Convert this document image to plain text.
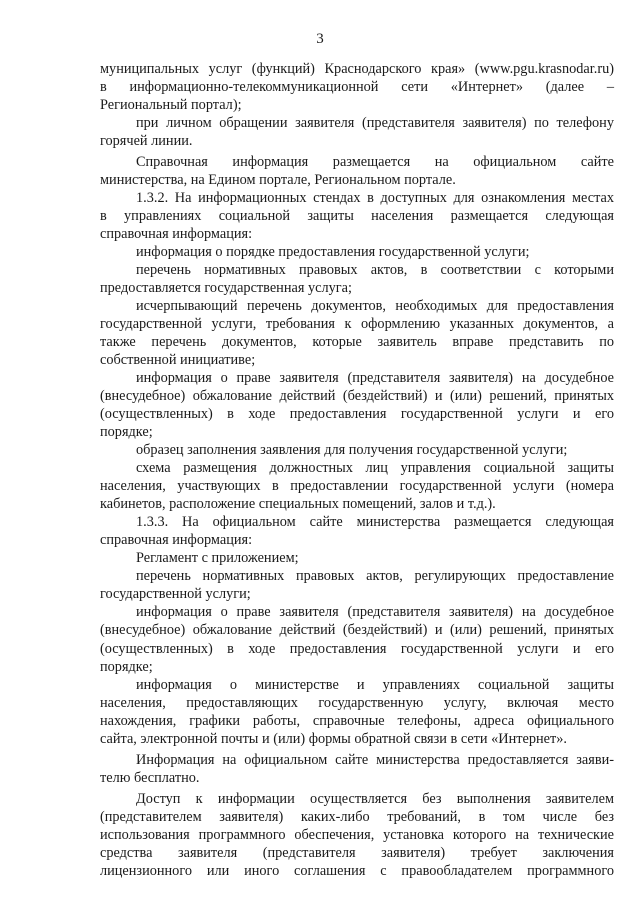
3
муниципальных услуг (функций) Краснодарского края» (www.pgu.krasnodar.ru)
в информационно-телекоммуникационной сети «Интернет» (далее –
Региональный портал);
при личном обращении заявителя (представителя заявителя) по телефону
горячей линии.
Справочная информация размещается на официальном сайте
министерства, на Едином портале, Региональном портале.
1.3.2. На информационных стендах в доступных для ознакомления местах
в управлениях социальной защиты населения размещается следующая
справочная информация:
информация о порядке предоставления государственной услуги;
перечень нормативных правовых актов, в соответствии с которыми
предоставляется государственная услуга;
исчерпывающий перечень документов, необходимых для предоставления
государственной услуги, требования к оформлению указанных документов, а
также перечень документов, которые заявитель вправе представить по
собственной инициативе;
информация о праве заявителя (представителя заявителя) на досудебное
(внесудебное) обжалование действий (бездействий) и (или) решений, принятых
(осуществленных) в ходе предоставления государственной услуги и его
порядке;
образец заполнения заявления для получения государственной услуги;
схема размещения должностных лиц управления социальной защиты
населения, участвующих в предоставлении государственной услуги (номера
кабинетов, расположение специальных помещений, залов и т.д.).
1.3.3. На официальном сайте министерства размещается следующая
справочная информация:
Регламент с приложением;
перечень нормативных правовых актов, регулирующих предоставление
государственной услуги;
информация о праве заявителя (представителя заявителя) на досудебное
(внесудебное) обжалование действий (бездействий) и (или) решений, принятых
(осуществленных) в ходе предоставления государственной услуги и его
порядке;
информация о министерстве и управлениях социальной защиты
населения, предоставляющих государственную услугу, включая место
нахождения, графики работы, справочные телефоны, адреса официального
сайта, электронной почты и (или) формы обратной связи в сети «Интернет».
Информация на официальном сайте министерства предоставляется заяви-
телю бесплатно.
Доступ к информации осуществляется без выполнения заявителем
(представителем заявителя) каких-либо требований, в том числе без
использования программного обеспечения, установка которого на технические
средства заявителя (представителя заявителя) требует заключения
лицензионного или иного соглашения с правообладателем программного
